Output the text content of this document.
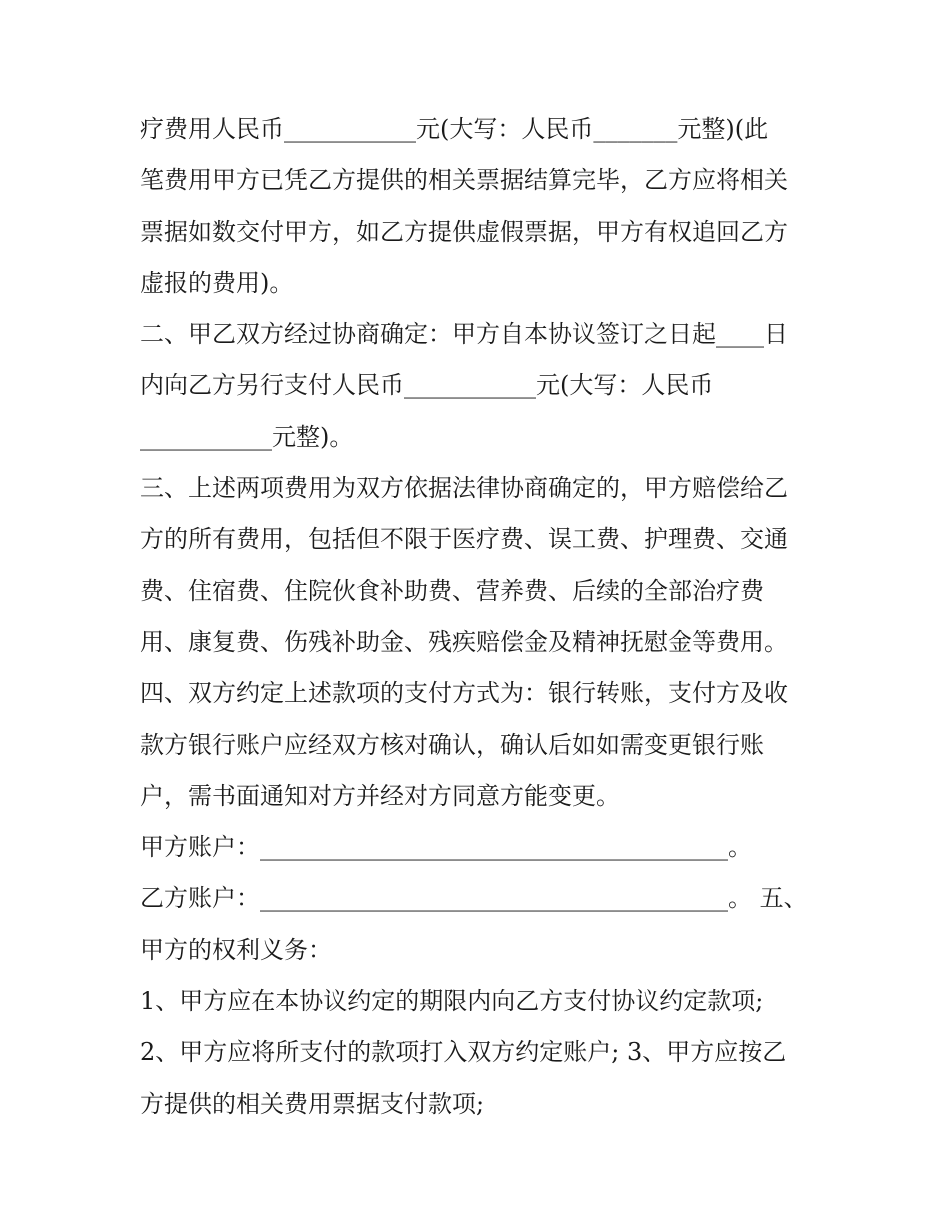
疗费用人民币___________元(大写：人民币_______元整)(此
笔费用甲方已凭乙方提供的相关票据结算完毕，乙方应将相关
票据如数交付甲方，如乙方提供虚假票据，甲方有权追回乙方
虚报的费用)。
二、甲乙双方经过协商确定：甲方自本协议签订之日起____日
内向乙方另行支付人民币___________元(大写：人民币
___________元整)。
三、上述两项费用为双方依据法律协商确定的，甲方赔偿给乙
方的所有费用，包括但不限于医疗费、误工费、护理费、交通
费、住宿费、住院伙食补助费、营养费、后续的全部治疗费
用、康复费、伤残补助金、残疾赔偿金及精神抚慰金等费用。
四、双方约定上述款项的支付方式为：银行转账，支付方及收
款方银行账户应经双方核对确认，确认后如如需变更银行账
户，需书面通知对方并经对方同意方能变更。
甲方账户：_______________________________________。
乙方账户：_______________________________________。 五、
甲方的权利义务：
1、甲方应在本协议约定的期限内向乙方支付协议约定款项;
2、甲方应将所支付的款项打入双方约定账户; 3、甲方应按乙
方提供的相关费用票据支付款项;
